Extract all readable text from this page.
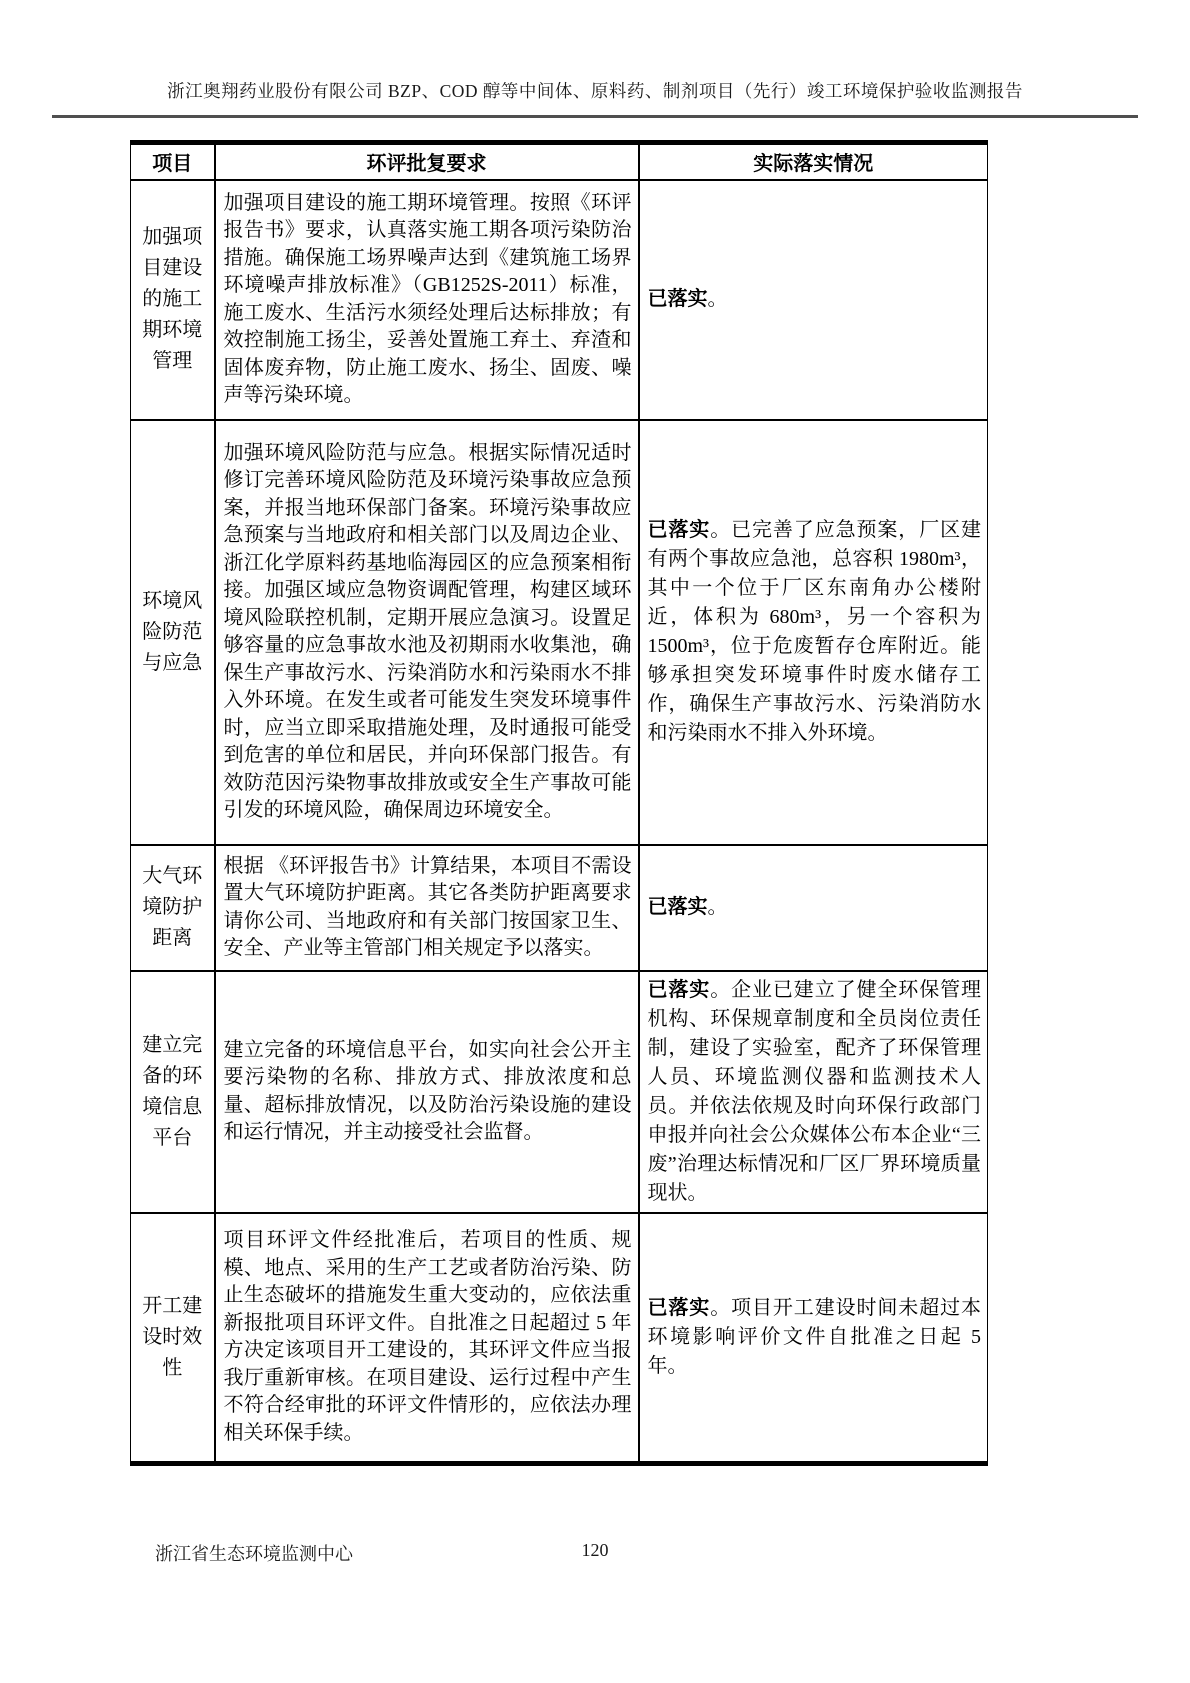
浙江奥翔药业股份有限公司 BZP、COD 醇等中间体、原料药、制剂项目（先行）竣工环境保护验收监测报告
项目	环评批复要求	实际落实情况
加强项目建设的施工期环境管理	加强项目建设的施工期环境管理。按照《环评报告书》要求，认真落实施工期各项污染防治措施。确保施工场界噪声达到《建筑施工场界环境噪声排放标准》（GB1252S-2011）标准，施工废水、生活污水须经处理后达标排放；有效控制施工扬尘，妥善处置施工弃土、弃渣和固体废弃物，防止施工废水、扬尘、固废、噪声等污染环境。	已落实。
环境风险防范与应急	加强环境风险防范与应急。根据实际情况适时修订完善环境风险防范及环境污染事故应急预案，并报当地环保部门备案。环境污染事故应急预案与当地政府和相关部门以及周边企业、浙江化学原料药基地临海园区的应急预案相衔接。加强区域应急物资调配管理，构建区域环境风险联控机制，定期开展应急演习。设置足够容量的应急事故水池及初期雨水收集池，确保生产事故污水、污染消防水和污染雨水不排入外环境。在发生或者可能发生突发环境事件时，应当立即采取措施处理，及时通报可能受到危害的单位和居民，并向环保部门报告。有效防范因污染物事故排放或安全生产事故可能引发的环境风险，确保周边环境安全。	已落实。已完善了应急预案，厂区建有两个事故应急池，总容积 1980m³，其中一个位于厂区东南角办公楼附近，体积为 680m³，另一个容积为 1500m³，位于危废暂存仓库附近。能够承担突发环境事件时废水储存工作，确保生产事故污水、污染消防水和污染雨水不排入外环境。
大气环境防护距离	根据 《环评报告书》计算结果，本项目不需设置大气环境防护距离。其它各类防护距离要求请你公司、当地政府和有关部门按国家卫生、安全、产业等主管部门相关规定予以落实。	已落实。
建立完备的环境信息平台	建立完备的环境信息平台，如实向社会公开主要污染物的名称、排放方式、排放浓度和总量、超标排放情况，以及防治污染设施的建设和运行情况，并主动接受社会监督。	已落实。企业已建立了健全环保管理机构、环保规章制度和全员岗位责任制，建设了实验室，配齐了环保管理人员、环境监测仪器和监测技术人员。并依法依规及时向环保行政部门申报并向社会公众媒体公布本企业“三废”治理达标情况和厂区厂界环境质量现状。
开工建设时效性	项目环评文件经批准后，若项目的性质、规模、地点、采用的生产工艺或者防治污染、防止生态破坏的措施发生重大变动的，应依法重新报批项目环评文件。自批准之日起超过 5 年方决定该项目开工建设的，其环评文件应当报我厅重新审核。在项目建设、运行过程中产生不符合经审批的环评文件情形的，应依法办理相关环保手续。	已落实。项目开工建设时间未超过本环境影响评价文件自批准之日起 5 年。
120
浙江省生态环境监测中心
